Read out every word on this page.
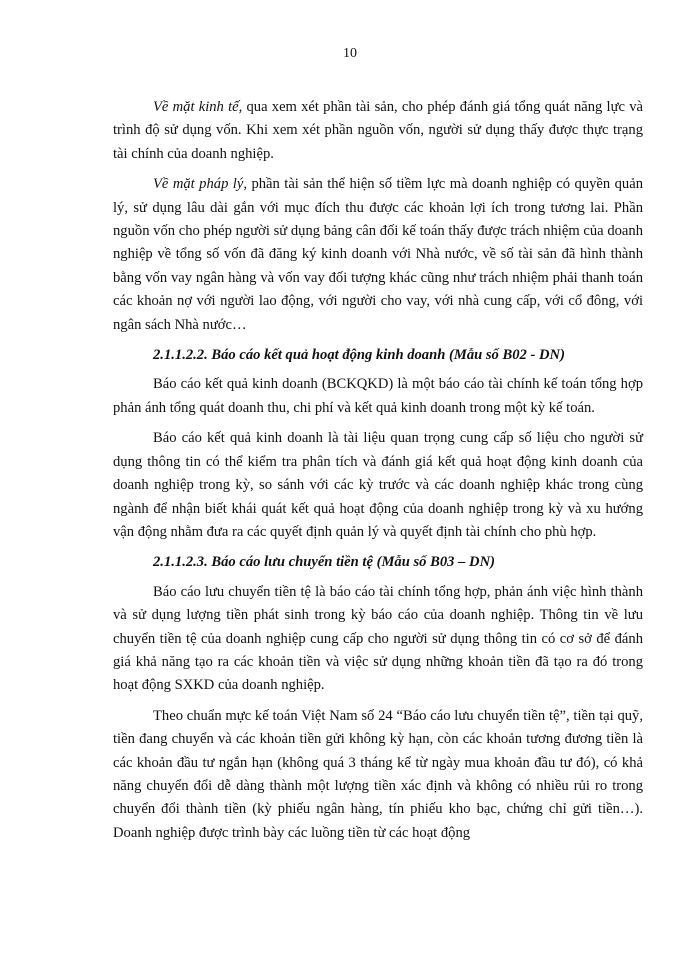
10

Về mặt kinh tế, qua xem xét phần tài sản, cho phép đánh giá tổng quát năng lực và trình độ sử dụng vốn. Khi xem xét phần nguồn vốn, người sử dụng thấy được thực trạng tài chính của doanh nghiệp.

Về mặt pháp lý, phần tài sản thể hiện số tiềm lực mà doanh nghiệp có quyền quản lý, sử dụng lâu dài gắn với mục đích thu được các khoản lợi ích trong tương lai. Phần nguồn vốn cho phép người sử dụng bảng cân đối kế toán thấy được trách nhiệm của doanh nghiệp về tổng số vốn đã đăng ký kinh doanh với Nhà nước, về số tài sản đã hình thành bằng vốn vay ngân hàng và vốn vay đối tượng khác cũng như trách nhiệm phải thanh toán các khoản nợ với người lao động, với người cho vay, với nhà cung cấp, với cổ đông, với ngân sách Nhà nước…

2.1.1.2.2. Báo cáo kết quả hoạt động kinh doanh (Mẫu số B02 - DN)

Báo cáo kết quả kinh doanh (BCKQKD) là một báo cáo tài chính kế toán tổng hợp phản ánh tổng quát doanh thu, chi phí và kết quả kinh doanh trong một kỳ kế toán.

Báo cáo kết quả kinh doanh là tài liệu quan trọng cung cấp số liệu cho người sử dụng thông tin có thể kiểm tra phân tích và đánh giá kết quả hoạt động kinh doanh của doanh nghiệp trong kỳ, so sánh với các kỳ trước và các doanh nghiệp khác trong cùng ngành để nhận biết khái quát kết quả hoạt động của doanh nghiệp trong kỳ và xu hướng vận động nhằm đưa ra các quyết định quản lý và quyết định tài chính cho phù hợp.

2.1.1.2.3. Báo cáo lưu chuyển tiền tệ (Mẫu số B03 – DN)

Báo cáo lưu chuyển tiền tệ là báo cáo tài chính tổng hợp, phản ánh việc hình thành và sử dụng lượng tiền phát sinh trong kỳ báo cáo của doanh nghiệp. Thông tin về lưu chuyển tiền tệ của doanh nghiệp cung cấp cho người sử dụng thông tin có cơ sở để đánh giá khả năng tạo ra các khoản tiền và việc sử dụng những khoản tiền đã tạo ra đó trong hoạt động SXKD của doanh nghiệp.

Theo chuẩn mực kế toán Việt Nam số 24 “Báo cáo lưu chuyển tiền tệ”, tiền tại quỹ, tiền đang chuyển và các khoản tiền gửi không kỳ hạn, còn các khoản tương đương tiền là các khoản đầu tư ngắn hạn (không quá 3 tháng kể từ ngày mua khoản đầu tư đó), có khả năng chuyển đổi dễ dàng thành một lượng tiền xác định và không có nhiều rủi ro trong chuyển đổi thành tiền (kỳ phiếu ngân hàng, tín phiếu kho bạc, chứng chỉ gửi tiền…). Doanh nghiệp được trình bày các luồng tiền từ các hoạt động
